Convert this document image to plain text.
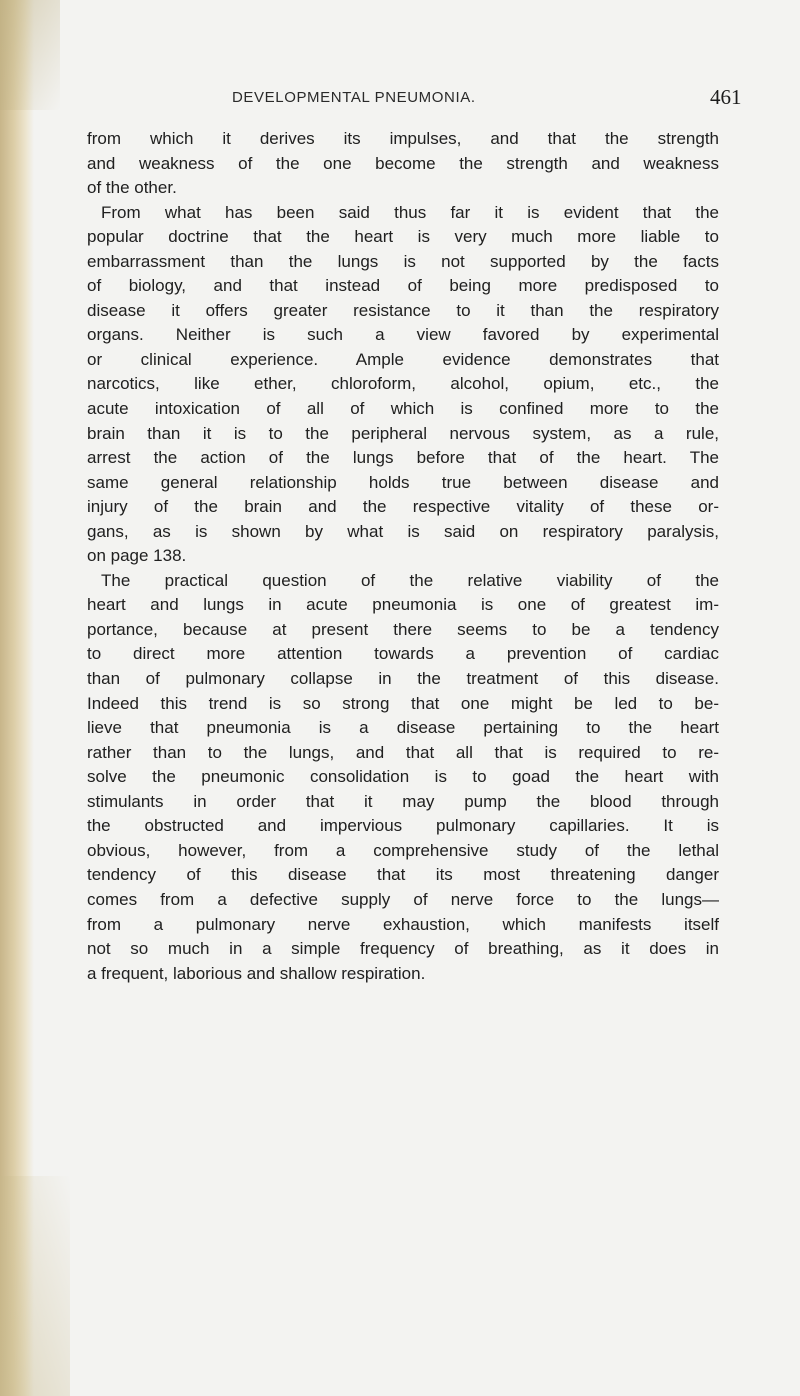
DEVELOPMENTAL PNEUMONIA.	461
from which it derives its impulses, and that the strength
and weakness of the one become the strength and weakness
of the other.
From what has been said thus far it is evident that the
popular doctrine that the heart is very much more liable to
embarrassment than the lungs is not supported by the facts
of biology, and that instead of being more predisposed to
disease it offers greater resistance to it than the respiratory
organs. Neither is such a view favored by experimental
or clinical experience. Ample evidence demonstrates that
narcotics, like ether, chloroform, alcohol, opium, etc., the
acute intoxication of all of which is confined more to the
brain than it is to the peripheral nervous system, as a rule,
arrest the action of the lungs before that of the heart. The
same general relationship holds true between disease and
injury of the brain and the respective vitality of these or-
gans, as is shown by what is said on respiratory paralysis,
on page 138.
The practical question of the relative viability of the
heart and lungs in acute pneumonia is one of greatest im-
portance, because at present there seems to be a tendency
to direct more attention towards a prevention of cardiac
than of pulmonary collapse in the treatment of this disease.
Indeed this trend is so strong that one might be led to be-
lieve that pneumonia is a disease pertaining to the heart
rather than to the lungs, and that all that is required to re-
solve the pneumonic consolidation is to goad the heart with
stimulants in order that it may pump the blood through
the obstructed and impervious pulmonary capillaries. It is
obvious, however, from a comprehensive study of the lethal
tendency of this disease that its most threatening danger
comes from a defective supply of nerve force to the lungs—
from a pulmonary nerve exhaustion, which manifests itself
not so much in a simple frequency of breathing, as it does in
a frequent, laborious and shallow respiration.
